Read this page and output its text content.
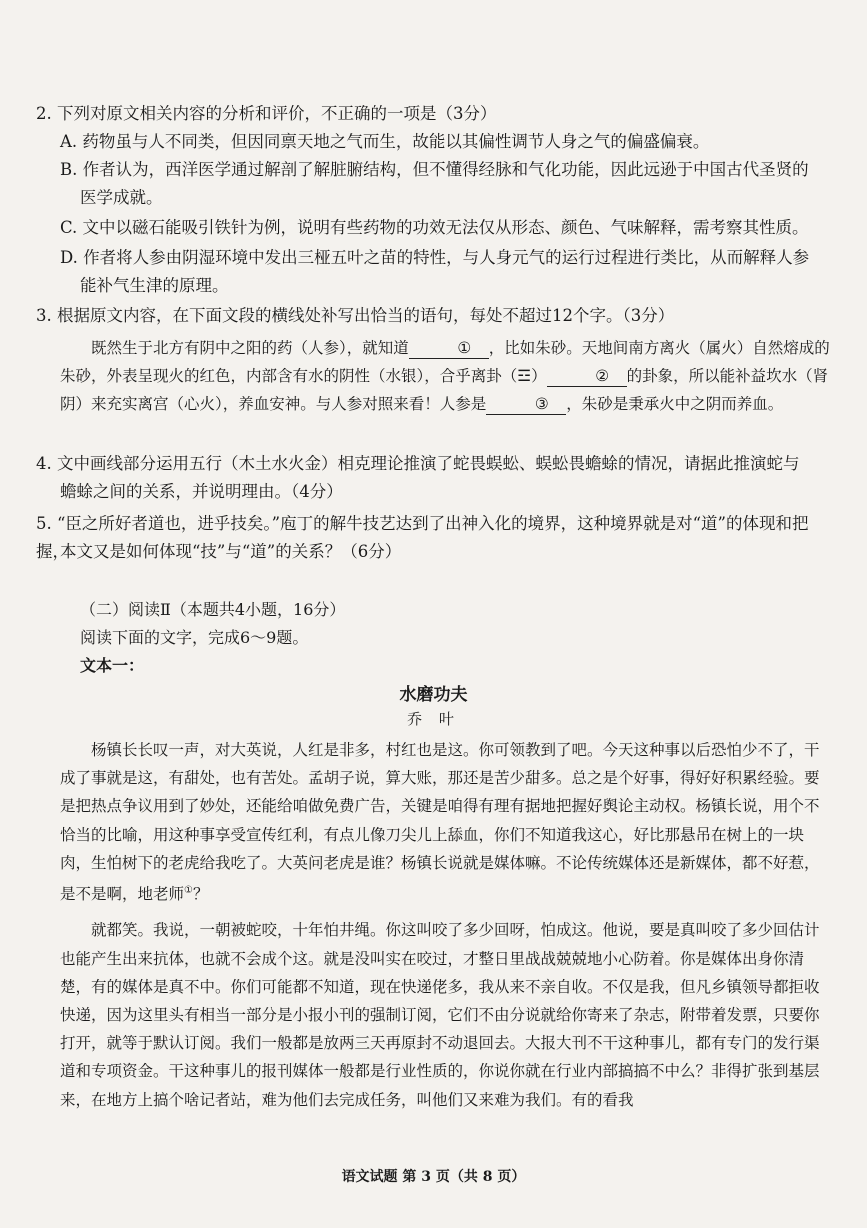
2. 下列对原文相关内容的分析和评价，不正确的一项是（3分）
A. 药物虽与人不同类，但因同禀天地之气而生，故能以其偏性调节人身之气的偏盛偏衰。
B. 作者认为，西洋医学通过解剖了解脏腑结构，但不懂得经脉和气化功能，因此远逊于中国古代圣贤的
医学成就。
C. 文中以磁石能吸引铁针为例，说明有些药物的功效无法仅从形态、颜色、气味解释，需考察其性质。
D. 作者将人参由阴湿环境中发出三桠五叶之苗的特性，与人身元气的运行过程进行类比，从而解释人参
能补气生津的原理。
3. 根据原文内容，在下面文段的横线处补写出恰当的语句，每处不超过12个字。（3分）
既然生于北方有阴中之阳的药（人参），就知道	① ，比如朱砂。天地间南方离火（属火）自然熔成的朱砂，外表呈现火的红色，内部含有水的阴性（水银），合乎离卦（☲）	② 的卦象，所以能补益坎水（肾阴）来充实离宫（心火），养血安神。与人参对照来看！人参是	③ ，朱砂是秉承火中之阴而养血。
4. 文中画线部分运用五行（木土水火金）相克理论推演了蛇畏蜈蚣、蜈蚣畏蟾蜍的情况，请据此推演蛇与
蟾蜍之间的关系，并说明理由。（4分）
5. “臣之所好者道也，进乎技矣。”庖丁的解牛技艺达到了出神入化的境界，这种境界就是对“道”的体现和把握，
本文又是如何体现“技”与“道”的关系？（6分）
（二）阅读Ⅱ（本题共4小题，16分）
阅读下面的文字，完成6～9题。
文本一：
水磨功夫
乔 叶

杨镇长长叹一声，对大英说，人红是非多，村红也是这。你可领教到了吧。今天这种事以后恐怕少不了，干成了事就是这，有甜处，也有苦处。孟胡子说，算大账，那还是苦少甜多。总之是个好事，得好好积累经验。要是把热点争议用到了妙处，还能给咱做免费广告，关键是咱得有理有据地把握好舆论主动权。杨镇长说，用个不恰当的比喻，用这种事享受宣传红利，有点儿像刀尖儿上舔血，你们不知道我这心，好比那悬吊在树上的一块肉，生怕树下的老虎给我吃了。大英问老虎是谁？杨镇长说就是媒体嘛。不论传统媒体还是新媒体，都不好惹，是不是啊，地老师①？

就都笑。我说，一朝被蛇咬，十年怕井绳。你这叫咬了多少回呀，怕成这。他说，要是真叫咬了多少回估计也能产生出来抗体，也就不会成个这。就是没叫实在咬过，才整日里战战兢兢地小心防着。你是媒体出身你清楚，有的媒体是真不中。你们可能都不知道，现在快递佬多，我从来不亲自收。不仅是我，但凡乡镇领导都拒收快递，因为这里头有相当一部分是小报小刊的强制订阅，它们不由分说就给你寄来了杂志，附带着发票，只要你打开，就等于默认订阅。我们一般都是放两三天再原封不动退回去。大报大刊不干这种事儿，都有专门的发行渠道和专项资金。干这种事儿的报刊媒体一般都是行业性质的，你说你就在行业内部搞搞不中么？非得扩张到基层来，在地方上搞个啥记者站，难为他们去完成任务，叫他们又来难为我们。有的看我

语文试题 第 3 页（共 8 页）
